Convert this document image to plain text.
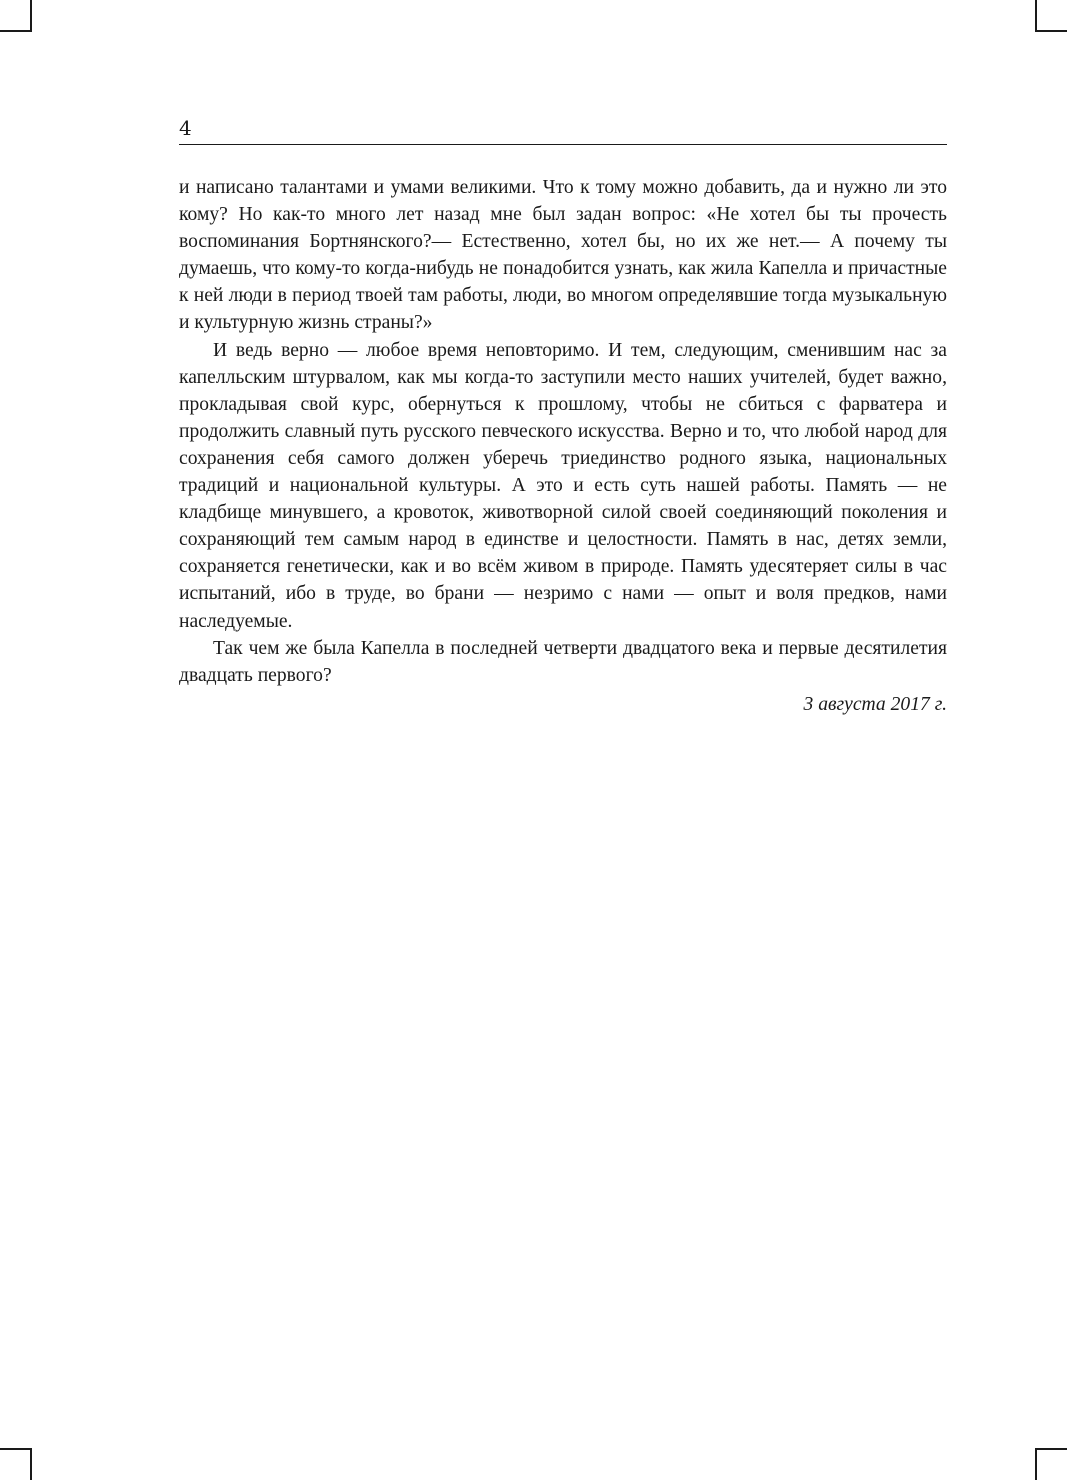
4

и написано талантами и умами великими. Что к тому можно добавить, да и нужно ли это кому? Но как-то много лет назад мне был задан вопрос: «Не хотел бы ты прочесть воспоминания Бортнянского?— Естественно, хотел бы, но их же нет.— А почему ты думаешь, что кому-то когда-нибудь не понадобится узнать, как жила Капелла и причастные к ней люди в период твоей там работы, люди, во многом определявшие тогда музыкальную и культурную жизнь страны?»

И ведь верно — любое время неповторимо. И тем, следующим, сменившим нас за капелльским штурвалом, как мы когда-то заступили место наших учителей, будет важно, прокладывая свой курс, обернуться к прошлому, чтобы не сбиться с фарватера и продолжить славный путь русского певческого искусства. Верно и то, что любой народ для сохранения себя самого должен уберечь триединство родного языка, национальных традиций и национальной культуры. А это и есть суть нашей работы. Память — не кладбище минувшего, а кровоток, животворной силой своей соединяющий поколения и сохраняющий тем самым народ в единстве и целостности. Память в нас, детях земли, сохраняется генетически, как и во всём живом в природе. Память удесятеряет силы в час испытаний, ибо в труде, во брани — незримо с нами — опыт и воля предков, нами наследуемые.

Так чем же была Капелла в последней четверти двадцатого века и первые десятилетия двадцать первого?

3 августа 2017 г.
